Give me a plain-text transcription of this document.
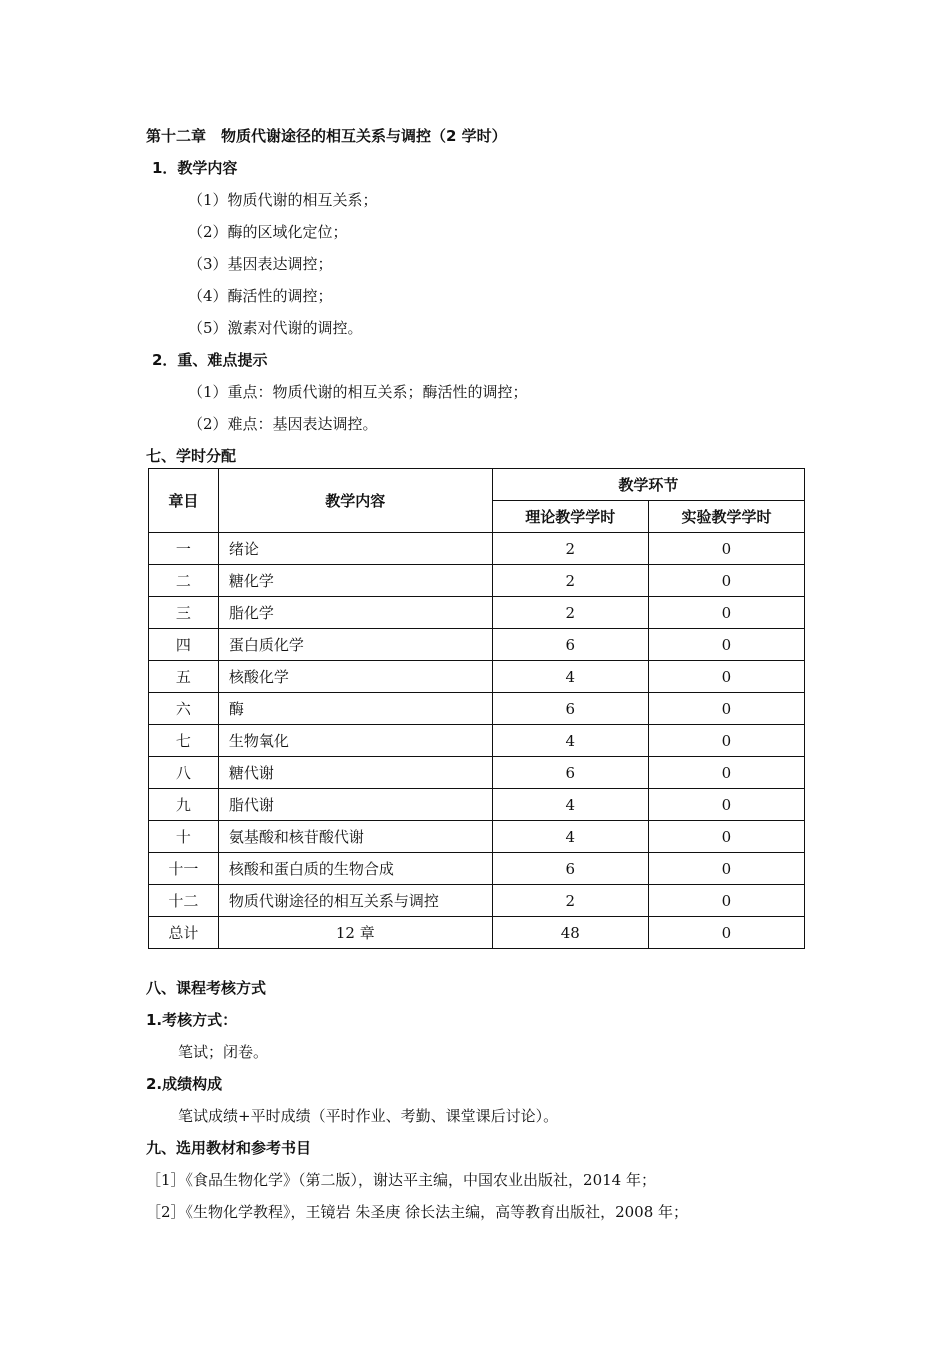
第十二章　物质代谢途径的相互关系与调控（2 学时）
1．教学内容
（1）物质代谢的相互关系；
（2）酶的区域化定位；
（3）基因表达调控；
（4）酶活性的调控；
（5）激素对代谢的调控。
2．重、难点提示
（1）重点：物质代谢的相互关系；酶活性的调控；
（2）难点：基因表达调控。
七、学时分配
章目	教学内容	教学环节	
		理论教学学时	实验教学学时
一	绪论	2	0
二	糖化学	2	0
三	脂化学	2	0
四	蛋白质化学	6	0
五	核酸化学	4	0
六	酶	6	0
七	生物氧化	4	0
八	糖代谢	6	0
九	脂代谢	4	0
十	氨基酸和核苷酸代谢	4	0
十一	核酸和蛋白质的生物合成	6	0
十二	物质代谢途径的相互关系与调控	2	0
总计	12 章	48	0
八、课程考核方式
1.考核方式：
笔试；闭卷。
2.成绩构成
笔试成绩+平时成绩（平时作业、考勤、课堂课后讨论）。
九、选用教材和参考书目
［1］《食品生物化学》（第二版），谢达平主编，中国农业出版社，2014 年；
［2］《生物化学教程》，王镜岩 朱圣庚 徐长法主编，高等教育出版社，2008 年；
